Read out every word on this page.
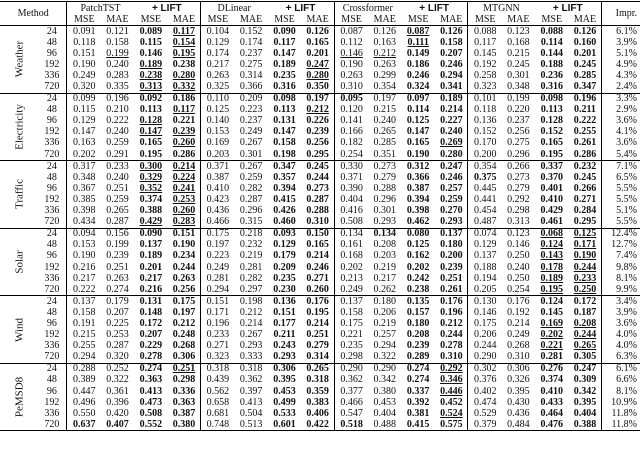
Method		PatchTST		+ LIFT		DLinear		+ LIFT		Crossformer		+ LIFT		MTGNN		+ LIFT		Impr.
		MSE	MAE	MSE	MAE	MSE	MAE	MSE	MAE	MSE	MAE	MSE	MAE	MSE	MAE	MSE	MAE	

Weather	24	0.091	0.121	0.089	0.117	0.104	0.152	0.090	0.126	0.087	0.126	0.087	0.126	0.088	0.123	0.088	0.126	6.1%
	48	0.118	0.158	0.115	0.154	0.129	0.174	0.117	0.165	0.112	0.163	0.111	0.158	0.117	0.168	0.114	0.160	3.9%
	96	0.151	0.199	0.146	0.195	0.174	0.237	0.147	0.201	0.146	0.212	0.149	0.207	0.145	0.215	0.144	0.201	5.1%
	192	0.190	0.240	0.189	0.238	0.217	0.275	0.189	0.247	0.190	0.263	0.186	0.246	0.192	0.245	0.188	0.245	4.9%
	336	0.249	0.283	0.238	0.280	0.263	0.314	0.235	0.280	0.263	0.299	0.246	0.294	0.258	0.301	0.236	0.285	4.3%
	720	0.320	0.335	0.313	0.332	0.325	0.366	0.316	0.350	0.310	0.354	0.324	0.341	0.323	0.348	0.316	0.347	2.4%

Electricity	24	0.099	0.196	0.092	0.186	0.110	0.209	0.098	0.197	0.095	0.197	0.097	0.189	0.101	0.199	0.098	0.196	3.3%
	48	0.115	0.210	0.113	0.117	0.125	0.223	0.113	0.212	0.120	0.215	0.114	0.214	0.118	0.220	0.113	0.211	2.9%
	96	0.129	0.222	0.128	0.221	0.140	0.237	0.131	0.226	0.141	0.240	0.125	0.227	0.136	0.237	0.128	0.222	3.6%
	192	0.147	0.240	0.147	0.239	0.153	0.249	0.147	0.239	0.166	0.265	0.147	0.240	0.152	0.256	0.152	0.255	4.1%
	336	0.163	0.259	0.165	0.260	0.169	0.267	0.158	0.256	0.182	0.285	0.165	0.269	0.170	0.275	0.165	0.261	3.6%
	720	0.202	0.291	0.195	0.286	0.203	0.301	0.198	0.295	0.254	0.351	0.190	0.280	0.200	0.296	0.195	0.286	5.4%

Traffic	24	0.317	0.233	0.300	0.214	0.371	0.267	0.347	0.245	0.330	0.273	0.312	0.247	0.354	0.266	0.337	0.232	7.1%
	48	0.348	0.240	0.329	0.224	0.387	0.259	0.357	0.244	0.371	0.279	0.366	0.246	0.375	0.273	0.370	0.245	6.5%
	96	0.367	0.251	0.352	0.241	0.410	0.282	0.394	0.273	0.390	0.288	0.387	0.257	0.445	0.279	0.401	0.266	5.5%
	192	0.385	0.259	0.374	0.253	0.423	0.287	0.415	0.287	0.404	0.296	0.394	0.259	0.441	0.292	0.410	0.271	5.5%
	336	0.398	0.265	0.388	0.260	0.436	0.296	0.426	0.288	0.416	0.301	0.398	0.270	0.454	0.298	0.429	0.284	5.1%
	720	0.434	0.287	0.429	0.283	0.466	0.315	0.460	0.310	0.508	0.293	0.462	0.293	0.487	0.313	0.461	0.295	5.5%

Solar	24	0.094	0.156	0.090	0.151	0.175	0.218	0.093	0.150	0.134	0.134	0.080	0.137	0.074	0.123	0.068	0.125	12.4%
	48	0.153	0.199	0.137	0.190	0.197	0.232	0.129	0.165	0.161	0.208	0.125	0.180	0.129	0.146	0.124	0.171	12.7%
	96	0.190	0.239	0.189	0.234	0.223	0.219	0.179	0.214	0.168	0.203	0.162	0.200	0.137	0.250	0.143	0.190	7.4%
	192	0.216	0.251	0.201	0.244	0.249	0.281	0.209	0.246	0.202	0.219	0.202	0.239	0.188	0.240	0.178	0.244	9.8%
	336	0.217	0.263	0.217	0.263	0.281	0.282	0.235	0.271	0.213	0.217	0.242	0.251	0.194	0.250	0.189	0.233	8.1%
	720	0.222	0.274	0.216	0.256	0.294	0.297	0.230	0.260	0.249	0.262	0.238	0.261	0.205	0.254	0.195	0.250	9.9%

Wind	24	0.137	0.179	0.131	0.175	0.151	0.198	0.136	0.176	0.137	0.180	0.135	0.176	0.130	0.176	0.124	0.172	3.4%
	48	0.158	0.207	0.148	0.197	0.171	0.212	0.151	0.195	0.158	0.206	0.157	0.196	0.146	0.192	0.145	0.187	3.9%
	96	0.191	0.225	0.172	0.212	0.196	0.214	0.177	0.214	0.175	0.219	0.180	0.212	0.175	0.214	0.169	0.208	3.6%
	192	0.215	0.253	0.207	0.248	0.233	0.267	0.211	0.251	0.221	0.257	0.208	0.244	0.206	0.249	0.202	0.244	4.0%
	336	0.255	0.287	0.229	0.268	0.271	0.293	0.243	0.279	0.235	0.294	0.239	0.278	0.244	0.268	0.221	0.265	4.0%
	720	0.294	0.320	0.278	0.306	0.323	0.333	0.293	0.314	0.298	0.322	0.289	0.310	0.290	0.310	0.281	0.305	6.3%

PeMSD8	24	0.288	0.252	0.274	0.251	0.318	0.318	0.306	0.265	0.290	0.290	0.274	0.292	0.302	0.306	0.276	0.247	6.1%
	48	0.389	0.322	0.363	0.298	0.439	0.362	0.395	0.318	0.362	0.342	0.274	0.346	0.376	0.326	0.374	0.309	6.6%
	96	0.447	0.361	0.413	0.336	0.562	0.397	0.453	0.359	0.377	0.380	0.337	0.446	0.402	0.395	0.410	0.342	8.1%
	192	0.496	0.396	0.473	0.363	0.658	0.413	0.499	0.383	0.466	0.453	0.392	0.452	0.474	0.430	0.433	0.395	10.9%
	336	0.550	0.420	0.508	0.387	0.681	0.504	0.533	0.406	0.547	0.404	0.381	0.524	0.529	0.436	0.464	0.404	11.8%
	720	0.637	0.407	0.552	0.380	0.748	0.513	0.601	0.422	0.518	0.488	0.415	0.575	0.379	0.484	0.476	0.388	11.8%
